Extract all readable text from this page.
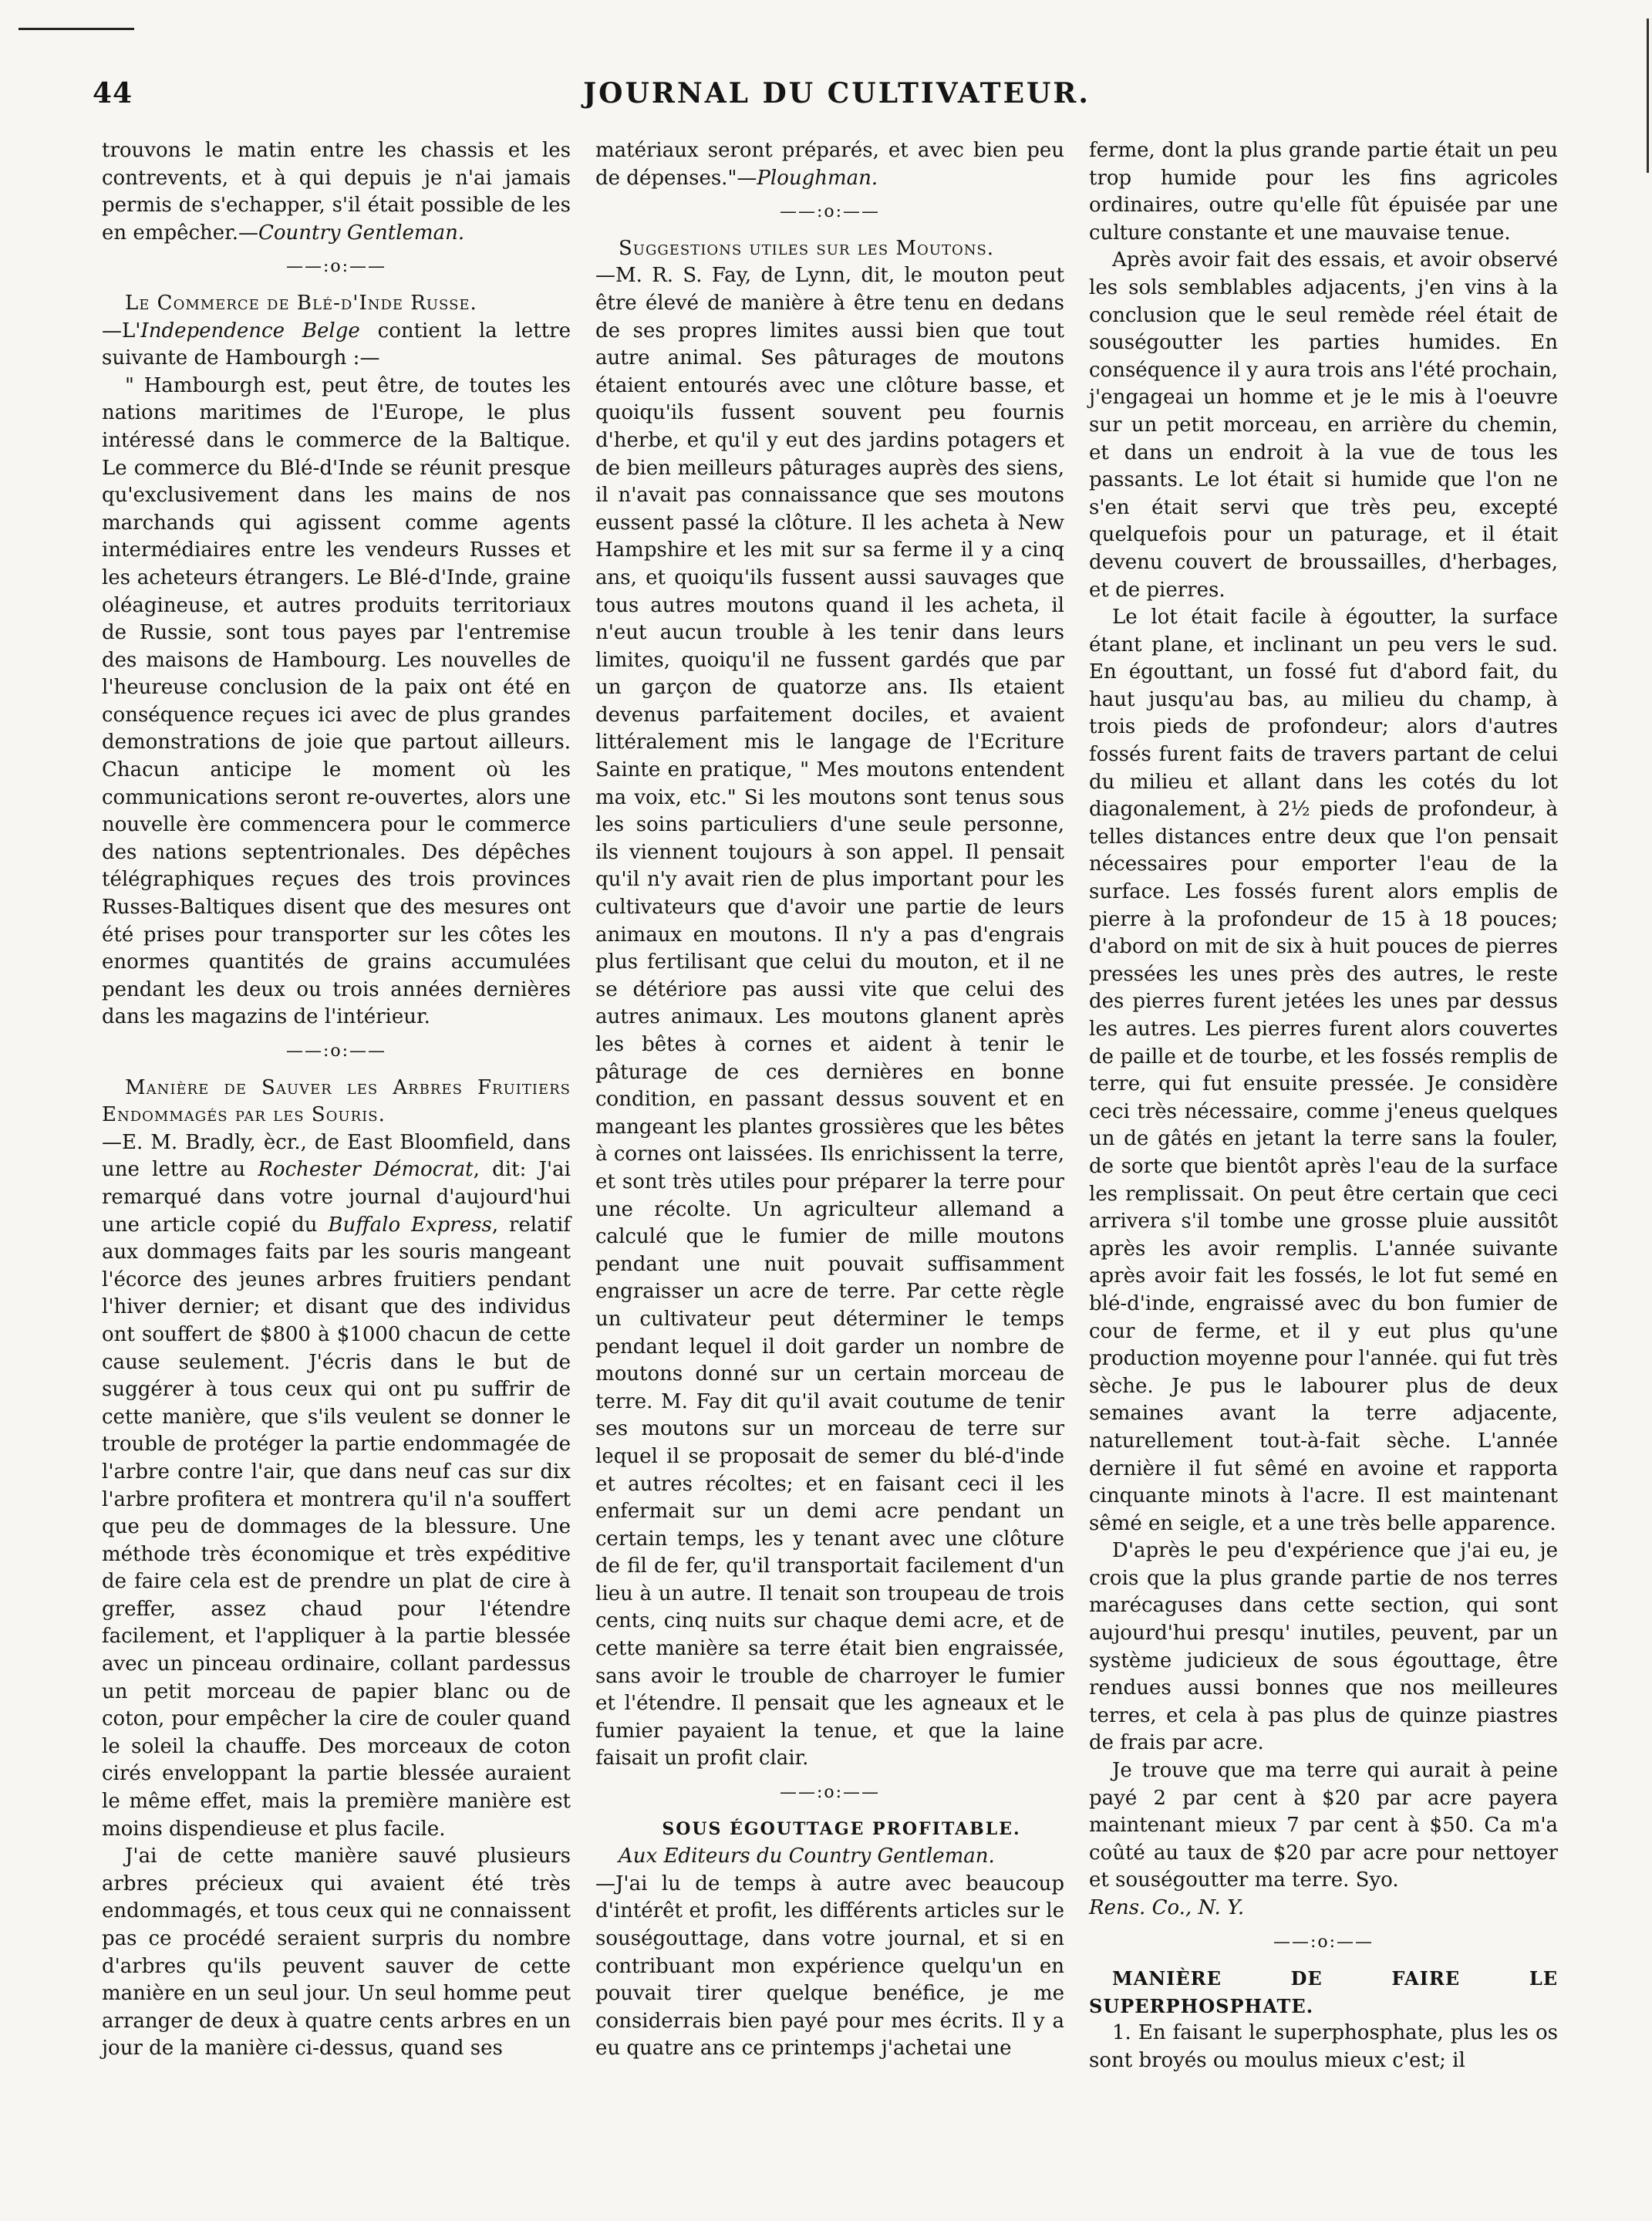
44	JOURNAL DU CULTIVATEUR.

trouvons le matin entre les chassis et les contrevents, et à qui depuis je n'ai jamais permis de s'echapper, s'il était possible de les en empêcher.—Country Gentleman.

——:o:——

Le Commerce de Blé-d'Inde Russe.

—L'Independence Belge contient la lettre suivante de Hambourgh :—

" Hambourgh est, peut être, de toutes les nations maritimes de l'Europe, le plus intéressé dans le commerce de la Baltique. Le commerce du Blé-d'Inde se réunit presque qu'exclusivement dans les mains de nos marchands qui agissent comme agents intermédiaires entre les vendeurs Russes et les acheteurs étrangers. Le Blé-d'Inde, graine oléagineuse, et autres produits territoriaux de Russie, sont tous payes par l'entremise des maisons de Hambourg. Les nouvelles de l'heureuse conclusion de la paix ont été en conséquence reçues ici avec de plus grandes demonstrations de joie que partout ailleurs. Chacun anticipe le moment où les communications seront re-ouvertes, alors une nouvelle ère commencera pour le commerce des nations septentrionales. Des dépêches télégraphiques reçues des trois provinces Russes-Baltiques disent que des mesures ont été prises pour transporter sur les côtes les enormes quantités de grains accumulées pendant les deux ou trois années dernières dans les magazins de l'intérieur.

——:o:——

Manière de Sauver les Arbres Fruitiers Endommagés par les Souris.

—E. M. Bradly, ècr., de East Bloomfield, dans une lettre au Rochester Démocrat, dit: J'ai remarqué dans votre journal d'aujourd'hui une article copié du Buffalo Express, relatif aux dommages faits par les souris mangeant l'écorce des jeunes arbres fruitiers pendant l'hiver dernier; et disant que des individus ont souffert de $800 à $1000 chacun de cette cause seulement. J'écris dans le but de suggérer à tous ceux qui ont pu suffrir de cette manière, que s'ils veulent se donner le trouble de protéger la partie endommagée de l'arbre contre l'air, que dans neuf cas sur dix l'arbre profitera et montrera qu'il n'a souffert que peu de dommages de la blessure. Une méthode très économique et très expéditive de faire cela est de prendre un plat de cire à greffer, assez chaud pour l'étendre facilement, et l'appliquer à la partie blessée avec un pinceau ordinaire, collant pardessus un petit morceau de papier blanc ou de coton, pour empêcher la cire de couler quand le soleil la chauffe. Des morceaux de coton cirés enveloppant la partie blessée auraient le même effet, mais la première manière est moins dispendieuse et plus facile.

J'ai de cette manière sauvé plusieurs arbres précieux qui avaient été très endommagés, et tous ceux qui ne connaissent pas ce procédé seraient surpris du nombre d'arbres qu'ils peuvent sauver de cette manière en un seul jour. Un seul homme peut arranger de deux à quatre cents arbres en un jour de la manière ci-dessus, quand ses

matériaux seront préparés, et avec bien peu de dépenses."—Ploughman.

——:o:——

Suggestions utiles sur les Moutons.

—M. R. S. Fay, de Lynn, dit, le mouton peut être élevé de manière à être tenu en dedans de ses propres limites aussi bien que tout autre animal. Ses pâturages de moutons étaient entourés avec une clôture basse, et quoiqu'ils fussent souvent peu fournis d'herbe, et qu'il y eut des jardins potagers et de bien meilleurs pâturages auprès des siens, il n'avait pas connaissance que ses moutons eussent passé la clôture. Il les acheta à New Hampshire et les mit sur sa ferme il y a cinq ans, et quoiqu'ils fussent aussi sauvages que tous autres moutons quand il les acheta, il n'eut aucun trouble à les tenir dans leurs limites, quoiqu'il ne fussent gardés que par un garçon de quatorze ans. Ils etaient devenus parfaitement dociles, et avaient littéralement mis le langage de l'Ecriture Sainte en pratique, " Mes moutons entendent ma voix, etc." Si les moutons sont tenus sous les soins particuliers d'une seule personne, ils viennent toujours à son appel. Il pensait qu'il n'y avait rien de plus important pour les cultivateurs que d'avoir une partie de leurs animaux en moutons. Il n'y a pas d'engrais plus fertilisant que celui du mouton, et il ne se détériore pas aussi vite que celui des autres animaux. Les moutons glanent après les bêtes à cornes et aident à tenir le pâturage de ces dernières en bonne condition, en passant dessus souvent et en mangeant les plantes grossières que les bêtes à cornes ont laissées. Ils enrichissent la terre, et sont très utiles pour préparer la terre pour une récolte. Un agriculteur allemand a calculé que le fumier de mille moutons pendant une nuit pouvait suffisamment engraisser un acre de terre. Par cette règle un cultivateur peut déterminer le temps pendant lequel il doit garder un nombre de moutons donné sur un certain morceau de terre. M. Fay dit qu'il avait coutume de tenir ses moutons sur un morceau de terre sur lequel il se proposait de semer du blé-d'inde et autres récoltes; et en faisant ceci il les enfermait sur un demi acre pendant un certain temps, les y tenant avec une clôture de fil de fer, qu'il transportait facilement d'un lieu à un autre. Il tenait son troupeau de trois cents, cinq nuits sur chaque demi acre, et de cette manière sa terre était bien engraissée, sans avoir le trouble de charroyer le fumier et l'étendre. Il pensait que les agneaux et le fumier payaient la tenue, et que la laine faisait un profit clair.

——:o:——

SOUS ÉGOUTTAGE PROFITABLE.

Aux Editeurs du Country Gentleman.

—J'ai lu de temps à autre avec beaucoup d'intérêt et profit, les différents articles sur le souségouttage, dans votre journal, et si en contribuant mon expérience quelqu'un en pouvait tirer quelque benéfice, je me considerrais bien payé pour mes écrits. Il y a eu quatre ans ce printemps j'achetai une

ferme, dont la plus grande partie était un peu trop humide pour les fins agricoles ordinaires, outre qu'elle fût épuisée par une culture constante et une mauvaise tenue.

Après avoir fait des essais, et avoir observé les sols semblables adjacents, j'en vins à la conclusion que le seul remède réel était de souségoutter les parties humides. En conséquence il y aura trois ans l'été prochain, j'engageai un homme et je le mis à l'oeuvre sur un petit morceau, en arrière du chemin, et dans un endroit à la vue de tous les passants. Le lot était si humide que l'on ne s'en était servi que très peu, excepté quelquefois pour un paturage, et il était devenu couvert de broussailles, d'herbages, et de pierres.

Le lot était facile à égoutter, la surface étant plane, et inclinant un peu vers le sud. En égouttant, un fossé fut d'abord fait, du haut jusqu'au bas, au milieu du champ, à trois pieds de profondeur; alors d'autres fossés furent faits de travers partant de celui du milieu et allant dans les cotés du lot diagonalement, à 2½ pieds de profondeur, à telles distances entre deux que l'on pensait nécessaires pour emporter l'eau de la surface. Les fossés furent alors emplis de pierre à la profondeur de 15 à 18 pouces; d'abord on mit de six à huit pouces de pierres pressées les unes près des autres, le reste des pierres furent jetées les unes par dessus les autres. Les pierres furent alors couvertes de paille et de tourbe, et les fossés remplis de terre, qui fut ensuite pressée. Je considère ceci très nécessaire, comme j'eneus quelques un de gâtés en jetant la terre sans la fouler, de sorte que bientôt après l'eau de la surface les remplissait. On peut être certain que ceci arrivera s'il tombe une grosse pluie aussitôt après les avoir remplis. L'année suivante après avoir fait les fossés, le lot fut semé en blé-d'inde, engraissé avec du bon fumier de cour de ferme, et il y eut plus qu'une production moyenne pour l'année. qui fut très sèche. Je pus le labourer plus de deux semaines avant la terre adjacente, naturellement tout-à-fait sèche. L'année dernière il fut sêmé en avoine et rapporta cinquante minots à l'acre. Il est maintenant sêmé en seigle, et a une très belle apparence.

D'après le peu d'expérience que j'ai eu, je crois que la plus grande partie de nos terres marécaguses dans cette section, qui sont aujourd'hui presqu' inutiles, peuvent, par un système judicieux de sous égouttage, être rendues aussi bonnes que nos meilleures terres, et cela à pas plus de quinze piastres de frais par acre.

Je trouve que ma terre qui aurait à peine payé 2 par cent à $20 par acre payera maintenant mieux 7 par cent à $50. Ca m'a coûté au taux de $20 par acre pour nettoyer et souségoutter ma terre. Syo.

Rens. Co., N. Y.

——:o:——

MANIÈRE DE FAIRE LE SUPERPHOSPHATE.

1. En faisant le superphosphate, plus les os sont broyés ou moulus mieux c'est; il
